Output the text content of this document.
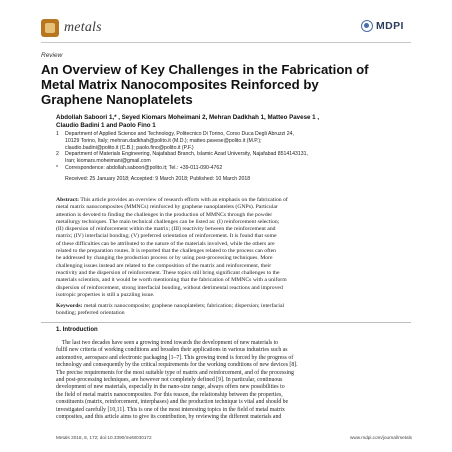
metals	MDPI
Review
An Overview of Key Challenges in the Fabrication of
Metal Matrix Nanocomposites Reinforced by
Graphene Nanoplatelets
Abdollah Saboori 1,* , Seyed Kiomars Moheimani 2, Mehran Dadkhah 1, Matteo Pavese 1 ,
Claudio Badini 1 and Paolo Fino 1
1	Department of Applied Science and Technology, Politecnico Di Torino, Corso Duca Degli Abruzzi 24,
10129 Torino, Italy; mehran.dadkhah@polito.it (M.D.); matteo.pavese@polito.it (M.P.);
claudio.badini@polito.it (C.B.); paolo.fino@polito.it (P.F.)
2	Department of Materials Engineering, Najafabad Branch, Islamic Azad University, Najafabad 8514143131,
Iran; kiomars.moheimani@gmail.com
*	Correspondence: abdollah.saboori@polito.it; Tel.: +39-011-090-4762
Received: 25 January 2018; Accepted: 9 March 2018; Published: 10 March 2018
Abstract: This article provides an overview of research efforts with an emphasis on the fabrication of
metal matrix nanocomposites (MMNCs) reinforced by graphene nanoplatelets (GNPs). Particular
attention is devoted to finding the challenges in the production of MMNCs through the powder
metallurgy techniques. The main technical challenges can be listed as: (I) reinforcement selection;
(II) dispersion of reinforcement within the matrix; (III) reactivity between the reinforcement and
matrix; (IV) interfacial bonding; (V) preferred orientation of reinforcement. It is found that some
of these difficulties can be attributed to the nature of the materials involved, while the others are
related to the preparation routes. It is reported that the challenges related to the process can often
be addressed by changing the production process or by using post-processing techniques. More
challenging issues instead are related to the composition of the matrix and reinforcement, their
reactivity and the dispersion of reinforcement. These topics still bring significant challenges to the
materials scientists, and it would be worth mentioning that the fabrication of MMNCs with a uniform
dispersion of reinforcement, strong interfacial bonding, without detrimental reactions and improved
isotropic properties is still a puzzling issue.
Keywords: metal matrix nanocomposite; graphene nanoplatelets; fabrication; dispersion; interfacial
bonding; preferred orientation
1. Introduction
The last two decades have seen a growing trend towards the development of new materials to
fulfil new criteria of working conditions and broaden their applications in various industries such as
automotive, aerospace and electronic packaging [1–7]. This growing trend is forced by the progress of
technology and consequently by the critical requirements for the working conditions of new devices [8].
The precise requirements for the most suitable type of matrix and reinforcement, and of the processing
and post-processing techniques, are however not completely defined [9]. In particular, continuous
development of new materials, especially in the nano-size range, always offers new possibilities to
the field of metal matrix nanocomposites. For this reason, the relationship between the properties,
constituents (matrix, reinforcement, interphases) and the production technique is vital and should be
investigated carefully [10,11]. This is one of the most interesting topics in the field of metal matrix
composites, and this article aims to give its contribution, by reviewing the different materials and
Metals 2018, 8, 172; doi:10.3390/met8030172	www.mdpi.com/journal/metals
